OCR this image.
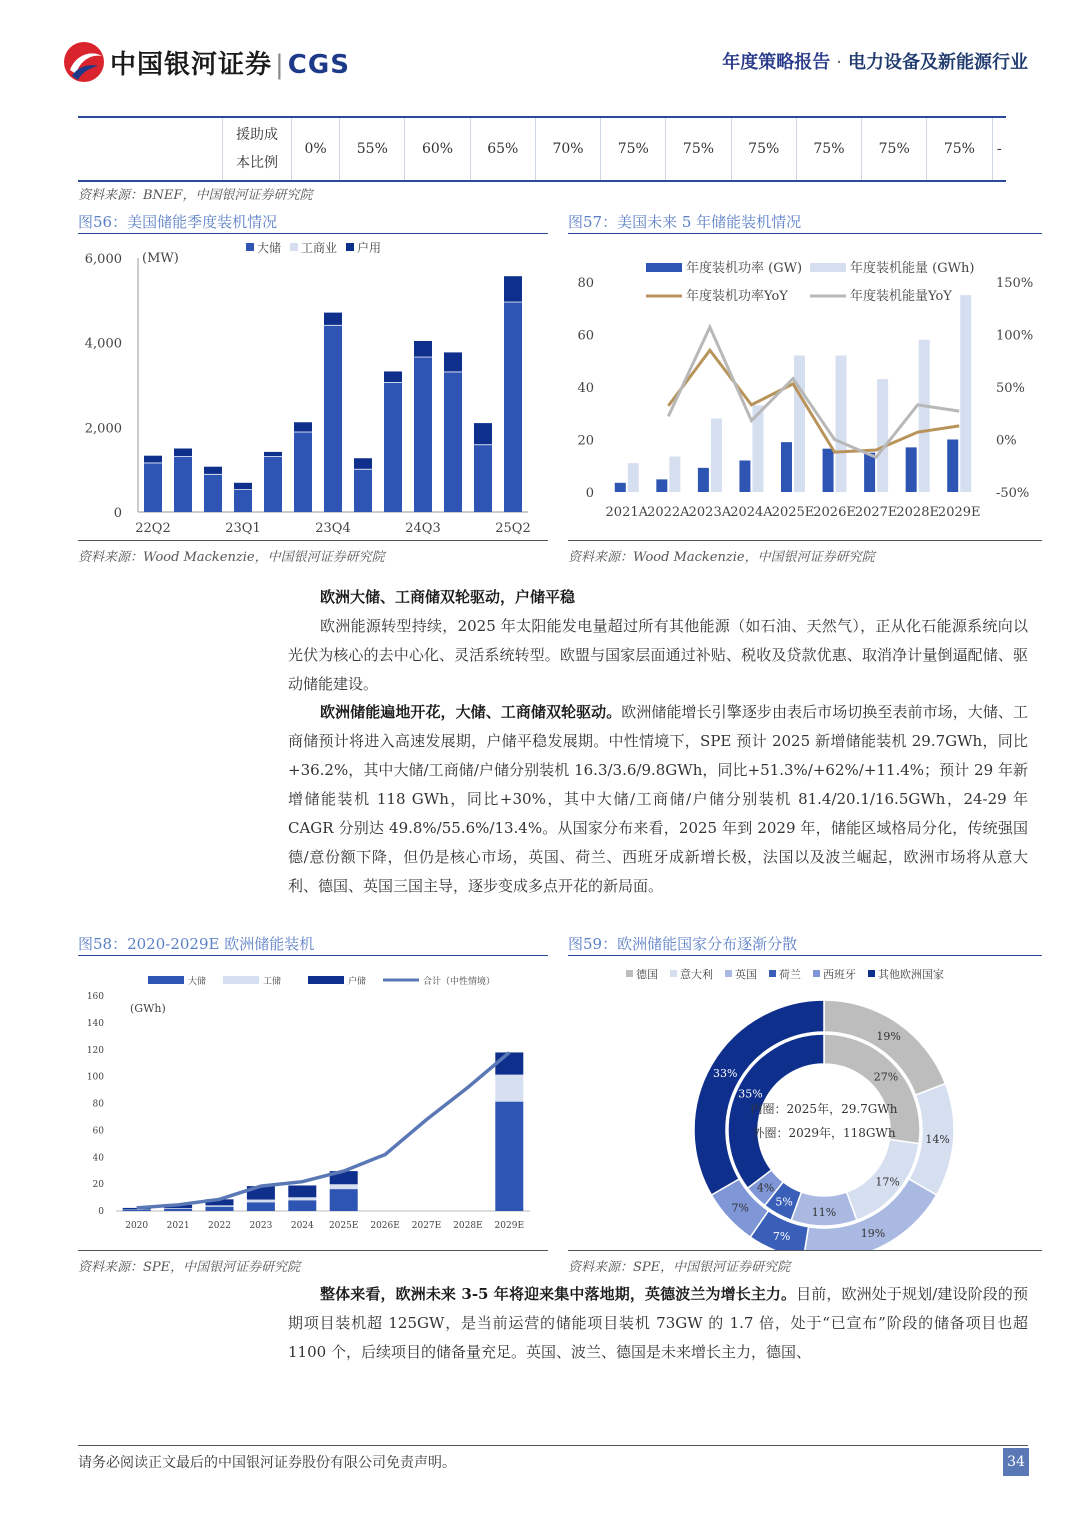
中国银河证券 | CGS	年度策略报告 · 电力设备及新能源行业
	援助成
本比例	0%	55%	60%	65%	70%	75%	75%	75%	75%	75%	75%	-
资料来源：BNEF，中国银河证券研究院
图56：美国储能季度装机情况
0
2,000
4,000
6,000 (MW)
大储 工商业 户用
22Q2	23Q1	23Q4	24Q3	25Q2
资料来源：Wood Mackenzie，中国银河证券研究院
图57：美国未来 5 年储能装机情况
0
20
40
60
80
-50%
0%
50%
100%
150%
年度装机功率 (GW)	年度装机能量 (GWh)
年度装机功率YoY	年度装机能量YoY
2021A 2022A 2023A 2024A 2025E
2026E
2027E
2028E
2029E
资料来源：Wood Mackenzie，中国银河证券研究院
欧洲大储、工商储双轮驱动，户储平稳
欧洲能源转型持续，2025 年太阳能发电量超过所有其他能源（如石油、天然气），正从化石能源系统向以光伏为核心的去中心化、灵活系统转型。欧盟与国家层面通过补贴、税收及贷款优惠、取消净计量倒逼配储、驱动储能建设。
欧洲储能遍地开花，大储、工商储双轮驱动。欧洲储能增长引擎逐步由表后市场切换至表前市场，大储、工商储预计将进入高速发展期，户储平稳发展期。中性情境下，SPE 预计 2025 新增储能装机 29.7GWh，同比+36.2%，其中大储/工商储/户储分别装机 16.3/3.6/9.8GWh，同比+51.3%/+62%/+11.4%；预计 29 年新增储能装机 118 GWh，同比+30%，其中大储/工商储/户储分别装机 81.4/20.1/16.5GWh，24-29 年 CAGR 分别达 49.8%/55.6%/13.4%。从国家分布来看，2025 年到 2029 年，储能区域格局分化，传统强国德/意份额下降，但仍是核心市场，英国、荷兰、西班牙成新增长极，法国以及波兰崛起，欧洲市场将从意大利、德国、英国三国主导，逐步变成多点开花的新局面。
图58：2020-2029E 欧洲储能装机
0
20
40
60
80
100
120
140
160
(GWh)
大储	工储	户储	合计（中性情境）
2020 2021 2022 2023 2024 2025E 2026E 2027E 2028E 2029E
资料来源：SPE，中国银河证券研究院
图59：欧洲储能国家分布逐渐分散
德国 意大利 英国 荷兰 西班牙 其他欧洲国家
19%
14%
19%
7%
7%
33%	27%
17%
11%
5%
4%
35%
内圈：2025年，29.7GWh
外圈：2029年，118GWh
资料来源：SPE，中国银河证券研究院
整体来看，欧洲未来 3-5 年将迎来集中落地期，英德波兰为增长主力。目前，欧洲处于规划/建设阶段的预期项目装机超 125GW，是当前运营的储能项目装机 73GW 的 1.7 倍，处于“已宣布”阶段的储备项目也超 1100 个，后续项目的储备量充足。英国、波兰、德国是未来增长主力，德国、
请务必阅读正文最后的中国银河证券股份有限公司免责声明。	34
